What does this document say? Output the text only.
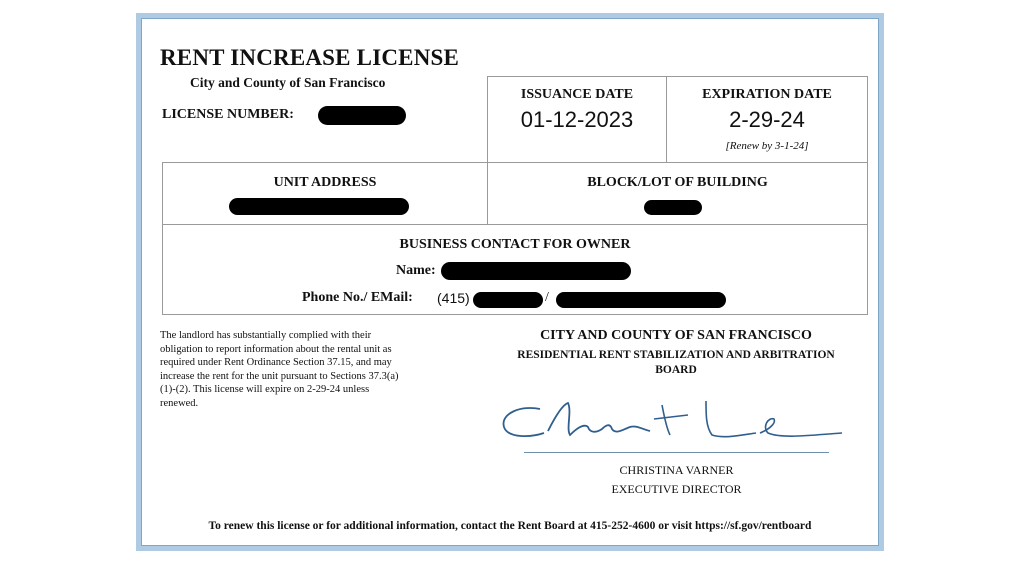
RENT INCREASE LICENSE
City and County of San Francisco
LICENSE NUMBER:
ISSUANCE DATE
01-12-2023
EXPIRATION DATE
2-29-24
[Renew by 3-1-24]
UNIT ADDRESS	BLOCK/LOT OF BUILDING
BUSINESS CONTACT FOR OWNER
Name:
Phone No./ EMail: (415)	/
The landlord has substantially complied with their
obligation to report information about the rental unit as
required under Rent Ordinance Section 37.15, and may
increase the rent for the unit pursuant to Sections 37.3(a)
(1)-(2). This license will expire on 2-29-24 unless
renewed.
CITY AND COUNTY OF SAN FRANCISCO
RESIDENTIAL RENT STABILIZATION AND ARBITRATION
BOARD
CHRISTINA VARNER
EXECUTIVE DIRECTOR
To renew this license or for additional information, contact the Rent Board at 415-252-4600 or visit https://sf.gov/rentboard
